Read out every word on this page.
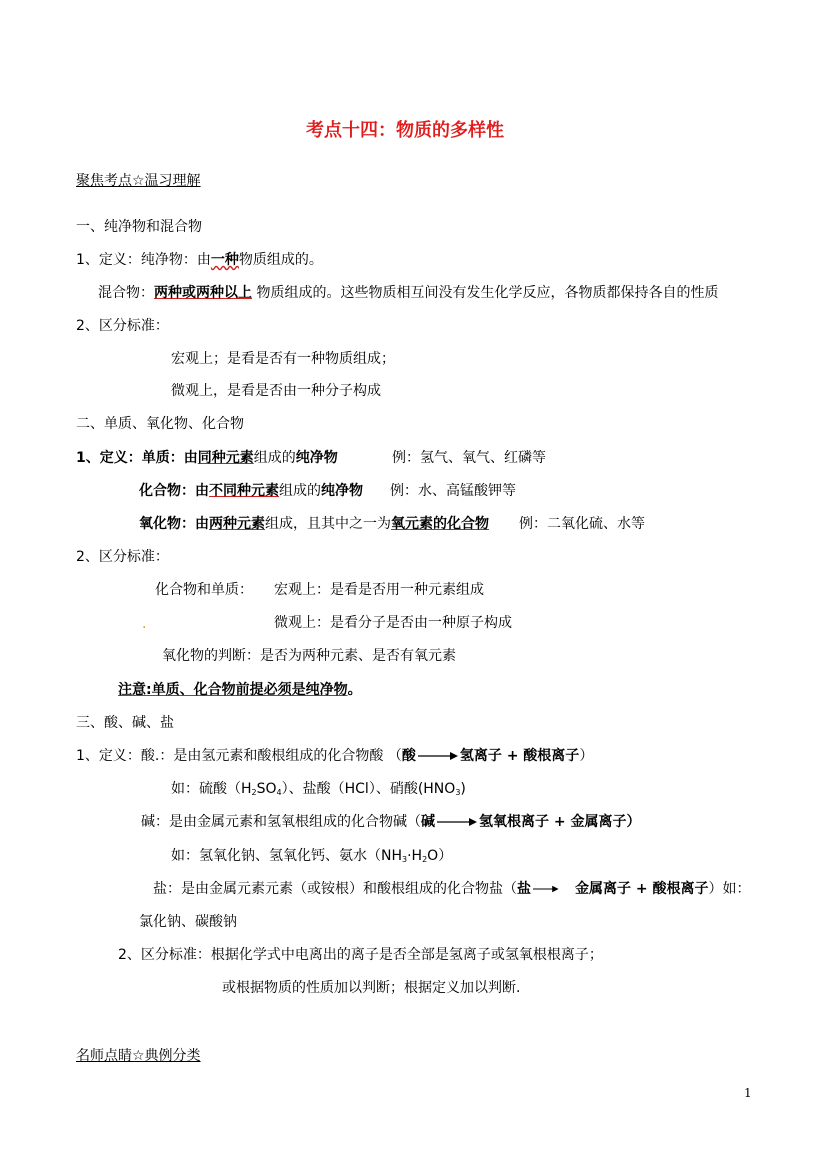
考点十四：物质的多样性
聚焦考点☆温习理解
一、纯净物和混合物
1、定义：纯净物：由一种物质组成的。
混合物：两种或两种以上 物质组成的。这些物质相互间没有发生化学反应，各物质都保持各自的性质
2、区分标准：
宏观上；是看是否有一种物质组成；
微观上，是看是否由一种分子构成
二、单质、氧化物、化合物
1、定义：单质：由同种元素组成的纯净物	例：氢气、氧气、红磷等
化合物：由不同种元素组成的纯净物 例：水、高锰酸钾等
氧化物：由两种元素组成，且其中之一为氧元素的化合物 例：二氧化硫、水等
2、区分标准：
化合物和单质： 宏观上：是看是否用一种元素组成
.	微观上：是看分子是否由一种原子构成
氧化物的判断：是否为两种元素、是否有氧元素
注意:单质、化合物前提必须是纯净物。
三、酸、碱、盐
1、定义：酸.：是由氢元素和酸根组成的化合物酸 （酸	氢离子 + 酸根离子）
如：硫酸$(H_2SO_4)$、盐酸（HCl）、硝酸$(HNO_3)$
碱：是由金属元素和氢氧根组成的化合物碱（碱	氢氧根离子 + 金属离子）
如：氢氧化钠、氢氧化钙、氨水$(NH_3\cdot H_2O)$
盐：是由金属元素元素（或铵根）和酸根组成的化合物盐（盐	金属离子 + 酸根离子）如：
氯化钠、碳酸钠
2、区分标准：根据化学式中电离出的离子是否全部是氢离子或氢氧根根离子；
或根据物质的性质加以判断；根据定义加以判断.
名师点睛☆典例分类
1
